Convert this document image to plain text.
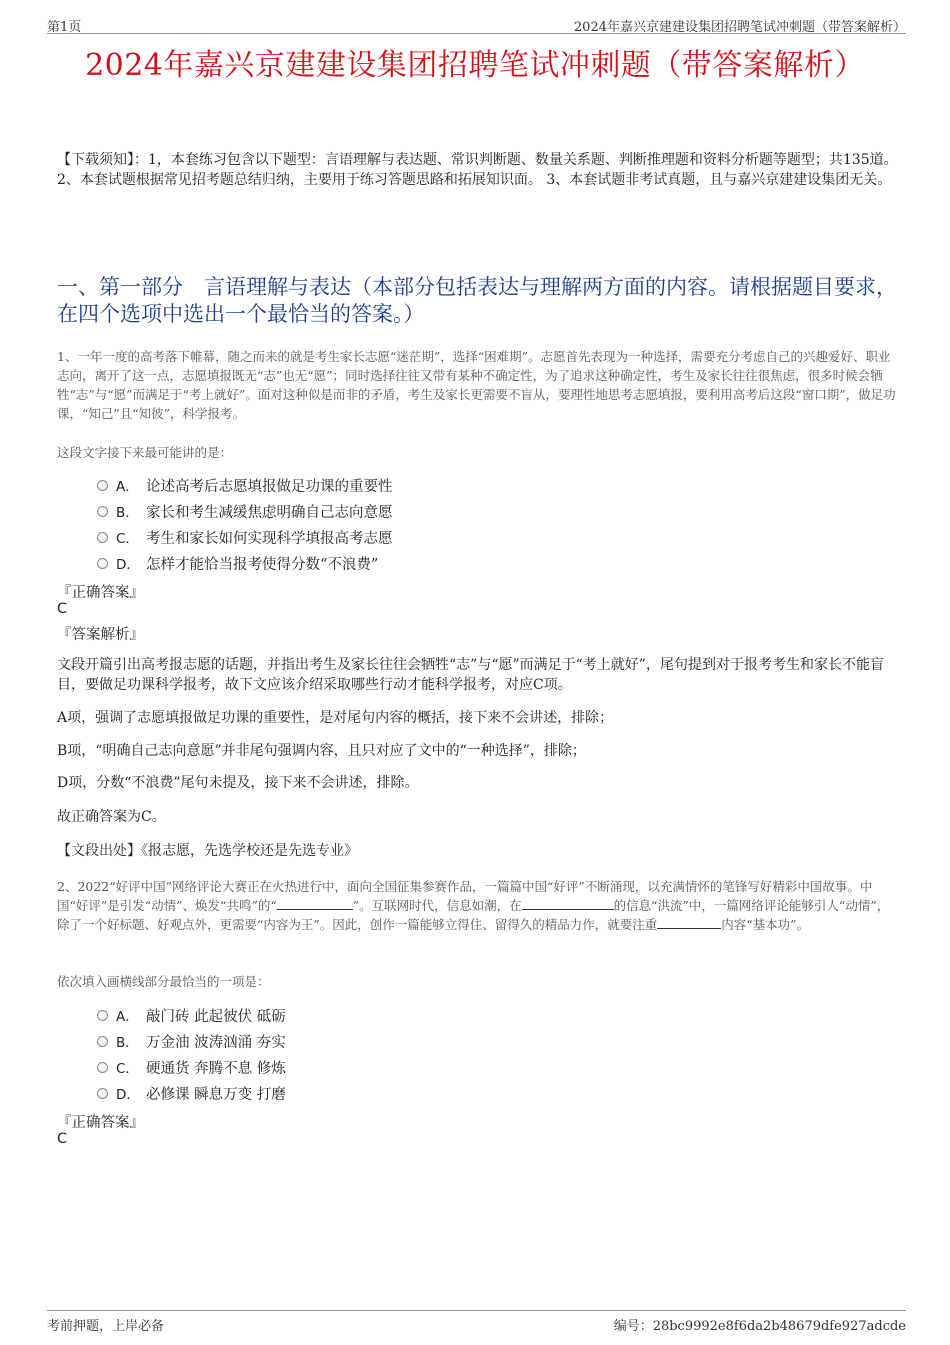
第1页	2024年嘉兴京建建设集团招聘笔试冲刺题（带答案解析）
2024年嘉兴京建建设集团招聘笔试冲刺题（带答案解析）
【下载须知】：1，本套练习包含以下题型：言语理解与表达题、常识判断题、数量关系题、判断推理题和资料分析题等题型；共135道。 2、本套试题根据常见招考题总结归纳，主要用于练习答题思路和拓展知识面。 3、本套试题非考试真题，且与嘉兴京建建设集团无关。
一、第一部分　言语理解与表达（本部分包括表达与理解两方面的内容。请根据题目要求，在四个选项中选出一个最恰当的答案。）
1、一年一度的高考落下帷幕，随之而来的就是考生家长志愿“迷茫期”，选择“困难期”。志愿首先表现为一种选择，需要充分考虑自己的兴趣爱好、职业志向，离开了这一点，志愿填报既无“志”也无“愿”；同时选择往往又带有某种不确定性，为了追求这种确定性，考生及家长往往很焦虑，很多时候会牺牲“志”与“愿”而满足于“考上就好”。面对这种似是而非的矛盾，考生及家长更需要不盲从，要理性地思考志愿填报，要利用高考后这段“窗口期”，做足功课，“知己”且“知彼”，科学报考。
这段文字接下来最可能讲的是：
A． 论述高考后志愿填报做足功课的重要性
B． 家长和考生减缓焦虑明确自己志向意愿
C． 考生和家长如何实现科学填报高考志愿
D． 怎样才能恰当报考使得分数“不浪费”
『正确答案』
C
『答案解析』
文段开篇引出高考报志愿的话题，并指出考生及家长往往会牺牲“志”与“愿”而满足于“考上就好”，尾句提到对于报考考生和家长不能盲目，要做足功课科学报考，故下文应该介绍采取哪些行动才能科学报考，对应C项。
A项，强调了志愿填报做足功课的重要性，是对尾句内容的概括，接下来不会讲述，排除；
B项，“明确自己志向意愿”并非尾句强调内容，且只对应了文中的“一种选择”，排除；
D项，分数“不浪费”尾句未提及，接下来不会讲述，排除。
故正确答案为C。
【文段出处】《报志愿，先选学校还是先选专业》
2、2022“好评中国”网络评论大赛正在火热进行中，面向全国征集参赛作品，一篇篇中国“好评”不断涌现，以充满情怀的笔锋写好精彩中国故事。中国“好评”是引发“动情”、焕发“共鸣”的“	”。互联网时代，信息如潮，在	的信息“洪流”中，一篇网络评论能够引人“动情”，除了一个好标题、好观点外，更需要“内容为王”。因此，创作一篇能够立得住、留得久的精品力作，就要注重	内容“基本功”。
依次填入画横线部分最恰当的一项是：
A． 敲门砖 此起彼伏 砥砺
B． 万金油 波涛汹涌 夯实
C． 硬通货 奔腾不息 修炼
D． 必修课 瞬息万变 打磨
『正确答案』
C
考前押题，上岸必备	编号：28bc9992e8f6da2b48679dfe927adcde
